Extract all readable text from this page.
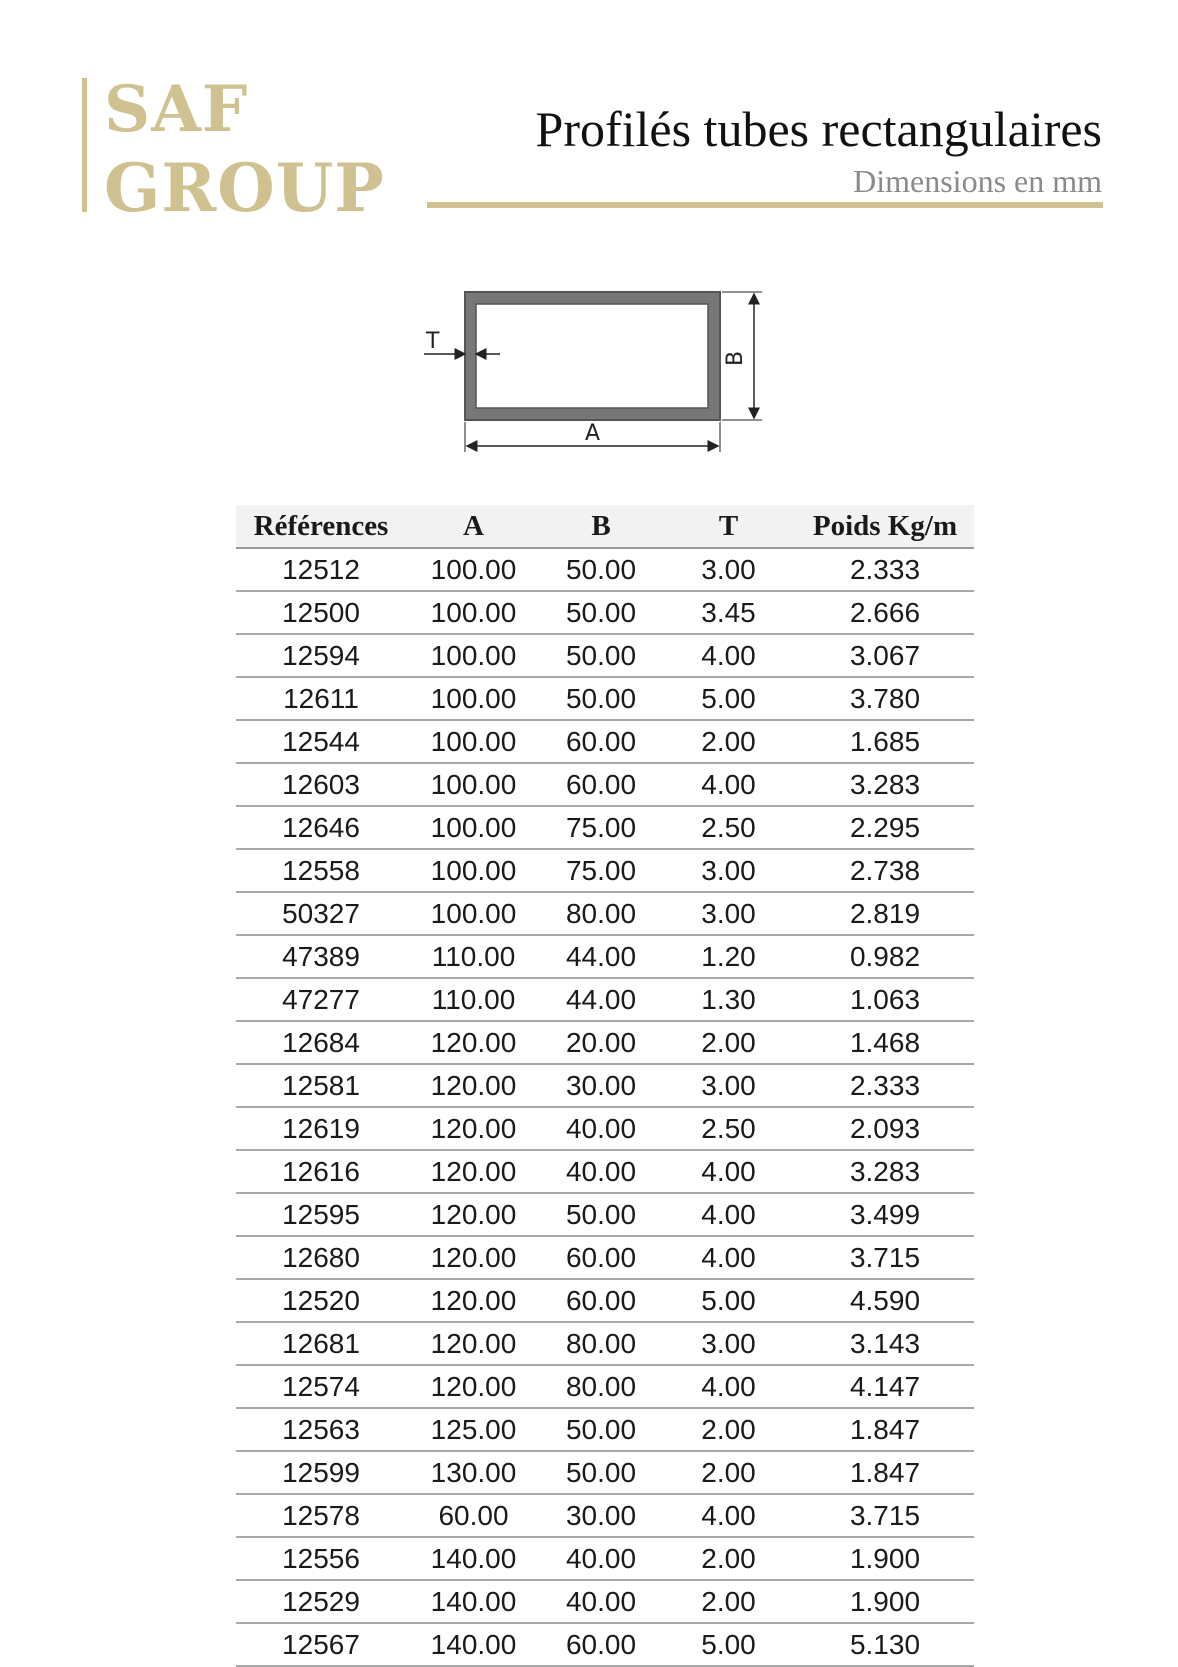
SAF
GROUP
Profilés tubes rectangulaires
Dimensions en mm
T
B
A
Références	A	B	T	Poids Kg/m
12512	100.00	50.00	3.00	2.333
12500	100.00	50.00	3.45	2.666
12594	100.00	50.00	4.00	3.067
12611	100.00	50.00	5.00	3.780
12544	100.00	60.00	2.00	1.685
12603	100.00	60.00	4.00	3.283
12646	100.00	75.00	2.50	2.295
12558	100.00	75.00	3.00	2.738
50327	100.00	80.00	3.00	2.819
47389	110.00	44.00	1.20	0.982
47277	110.00	44.00	1.30	1.063
12684	120.00	20.00	2.00	1.468
12581	120.00	30.00	3.00	2.333
12619	120.00	40.00	2.50	2.093
12616	120.00	40.00	4.00	3.283
12595	120.00	50.00	4.00	3.499
12680	120.00	60.00	4.00	3.715
12520	120.00	60.00	5.00	4.590
12681	120.00	80.00	3.00	3.143
12574	120.00	80.00	4.00	4.147
12563	125.00	50.00	2.00	1.847
12599	130.00	50.00	2.00	1.847
12578	60.00	30.00	4.00	3.715
12556	140.00	40.00	2.00	1.900
12529	140.00	40.00	2.00	1.900
12567	140.00	60.00	5.00	5.130
